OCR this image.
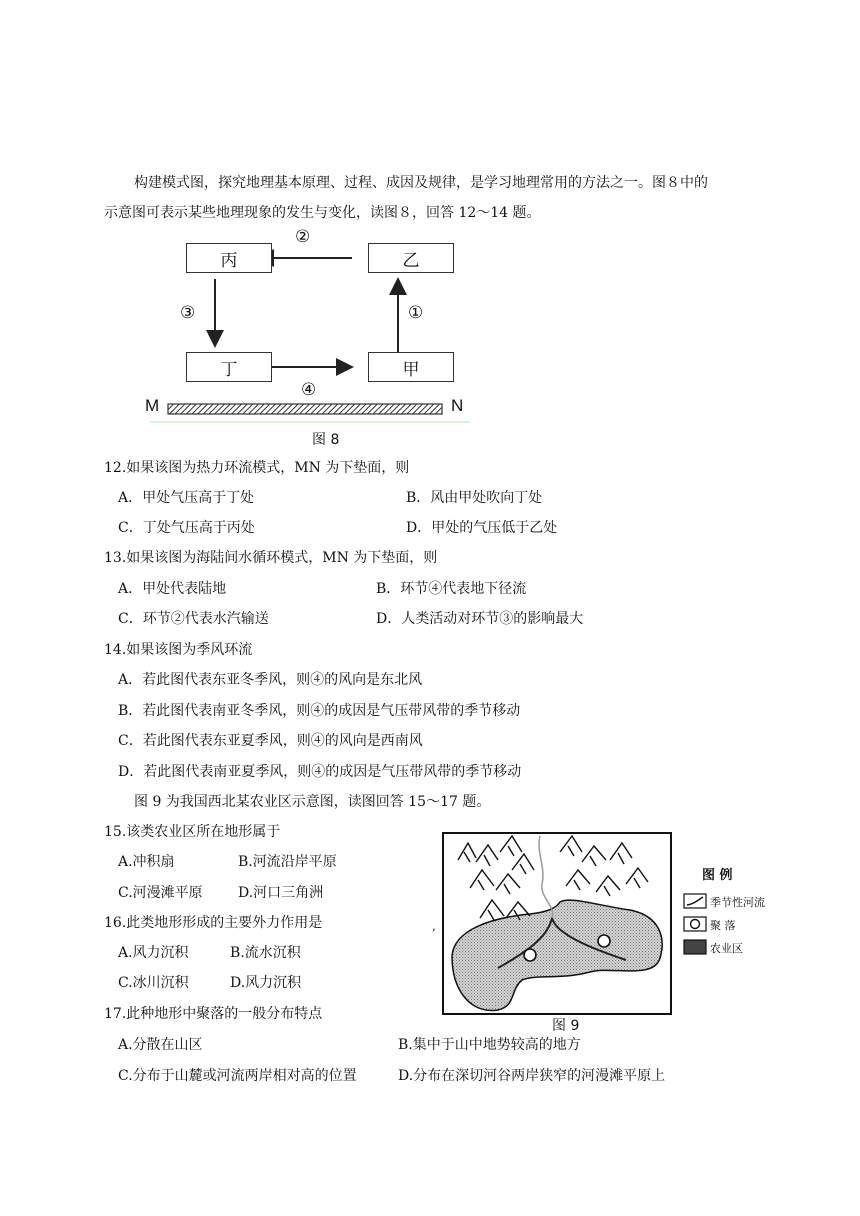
构建模式图，探究地理基本原理、过程、成因及规律，是学习地理常用的方法之一。图８中的
示意图可表示某些地理现象的发生与变化，读图８，回答 12～14 题。
丙	乙
丁	甲
②
①
③
④
M	N
图 8
12.如果该图为热力环流模式，MN 为下垫面，则
A．甲处气压高于丁处	B．风由甲处吹向丁处
C．丁处气压高于丙处	D．甲处的气压低于乙处
13.如果该图为海陆间水循环模式，MN 为下垫面，则
A．甲处代表陆地	B．环节④代表地下径流
C．环节②代表水汽输送	D．人类活动对环节③的影响最大
14.如果该图为季风环流
A．若此图代表东亚冬季风，则④的风向是东北风
B．若此图代表南亚冬季风，则④的成因是气压带风带的季节移动
C．若此图代表东亚夏季风，则④的风向是西南风
D．若此图代表南亚夏季风，则④的成因是气压带风带的季节移动
图 9 为我国西北某农业区示意图，读图回答 15～17 题。
15.该类农业区所在地形属于
A.冲积扇	B.河流沿岸平原
C.河漫滩平原	D.河口三角洲
16.此类地形形成的主要外力作用是
A.风力沉积	B.流水沉积
C.冰川沉积	D.风力沉积
17.此种地形中聚落的一般分布特点
A.分散在山区	B.集中于山中地势较高的地方
C.分布于山麓或河流两岸相对高的位置	D.分布在深切河谷两岸狭窄的河漫滩平原上
,
图 例
季节性河流
聚 落
农业区
图 9
